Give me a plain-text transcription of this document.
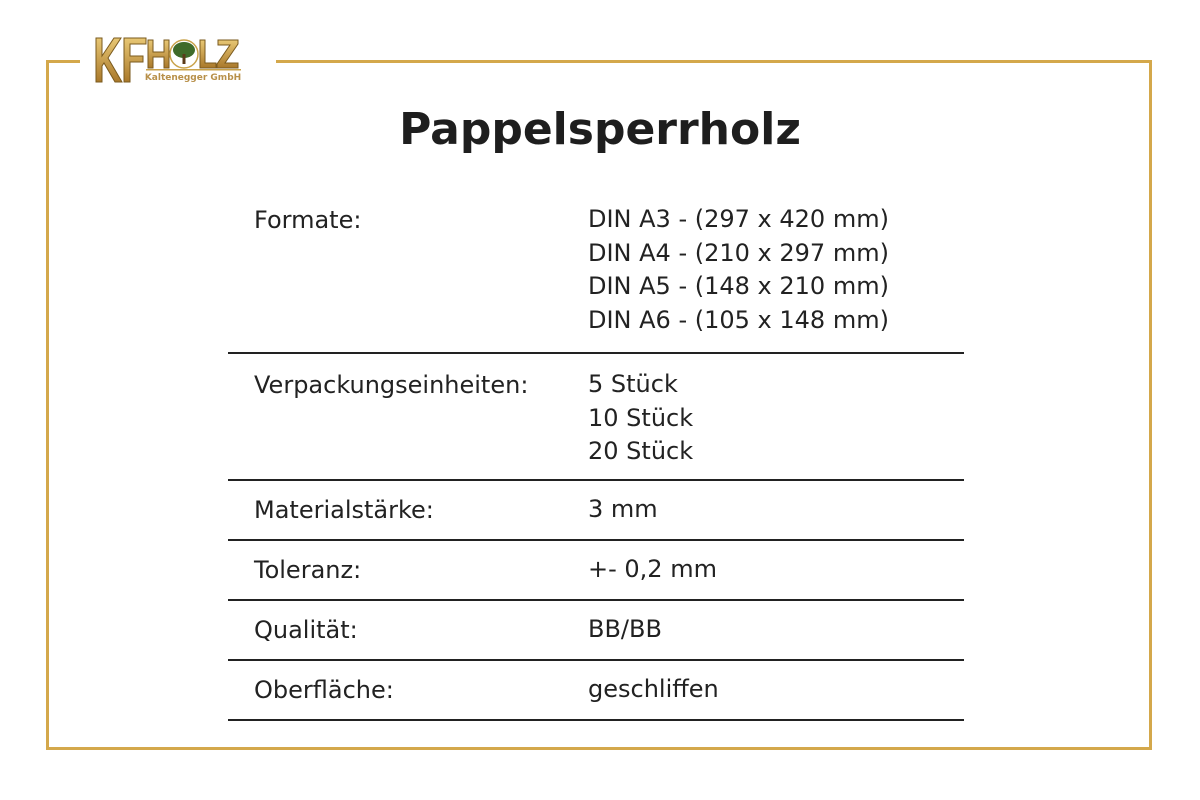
Kaltenegger GmbH
Pappelsperrholz
Formate:	DIN A3 - (297 x 420 mm)
DIN A4 - (210 x 297 mm)
DIN A5 - (148 x 210 mm)
DIN A6 - (105 x 148 mm)
Verpackungseinheiten:	5 Stück
10 Stück
20 Stück
Materialstärke:	3 mm
Toleranz:	+- 0,2 mm
Qualität:	BB/BB
Oberfläche:	geschliffen
